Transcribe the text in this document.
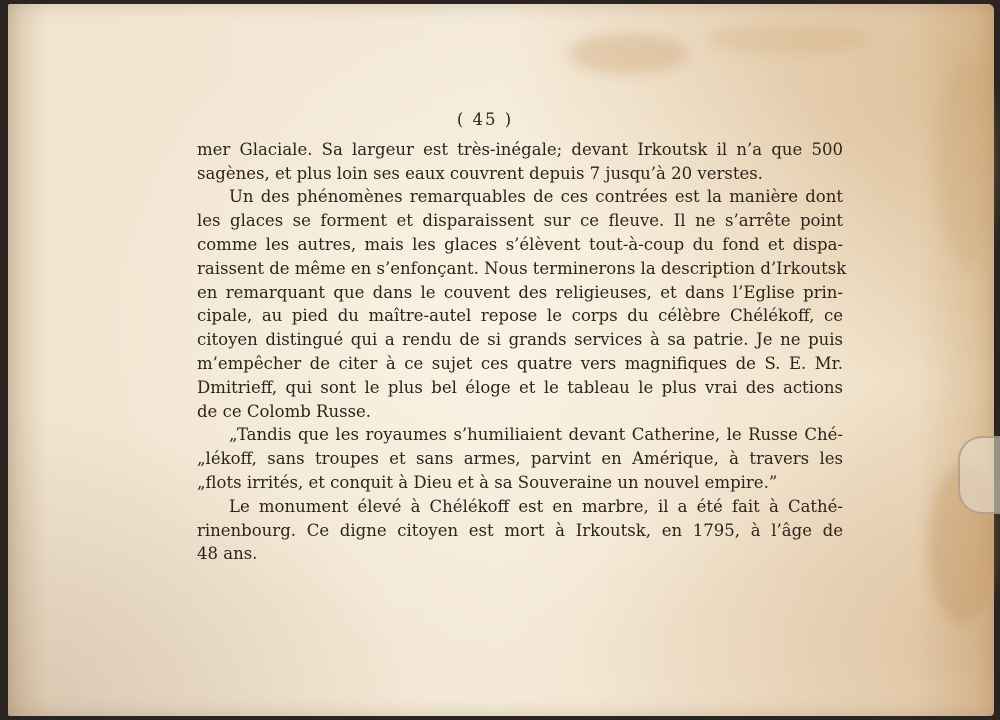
( 45 )
mer Glaciale. Sa largeur est très-inégale; devant Irkoutsk il n’a que 500
sagènes, et plus loin ses eaux couvrent depuis 7 jusqu’à 20 verstes.
Un des phénomènes remarquables de ces contrées est la manière dont
les glaces se forment et disparaissent sur ce fleuve. Il ne s’arrête point
comme les autres, mais les glaces s’élèvent tout-à-coup du fond et dispa-
raissent de même en s’enfonçant. Nous terminerons la description d’Irkoutsk
en remarquant que dans le couvent des religieuses, et dans l’Eglise prin-
cipale, au pied du maître-autel repose le corps du célèbre Chélékoff, ce
citoyen distingué qui a rendu de si grands services à sa patrie. Je ne puis
m’empêcher de citer à ce sujet ces quatre vers magnifiques de S. E. Mr.
Dmitrieff, qui sont le plus bel éloge et le tableau le plus vrai des actions
de ce Colomb Russe.
„Tandis que les royaumes s’humiliaient devant Catherine, le Russe Ché-
„lékoff, sans troupes et sans armes, parvint en Amérique, à travers les
„flots irrités, et conquit à Dieu et à sa Souveraine un nouvel empire.”
Le monument élevé à Chélékoff est en marbre, il a été fait à Cathé-
rinenbourg. Ce digne citoyen est mort à Irkoutsk, en 1795, à l’âge de
48 ans.
